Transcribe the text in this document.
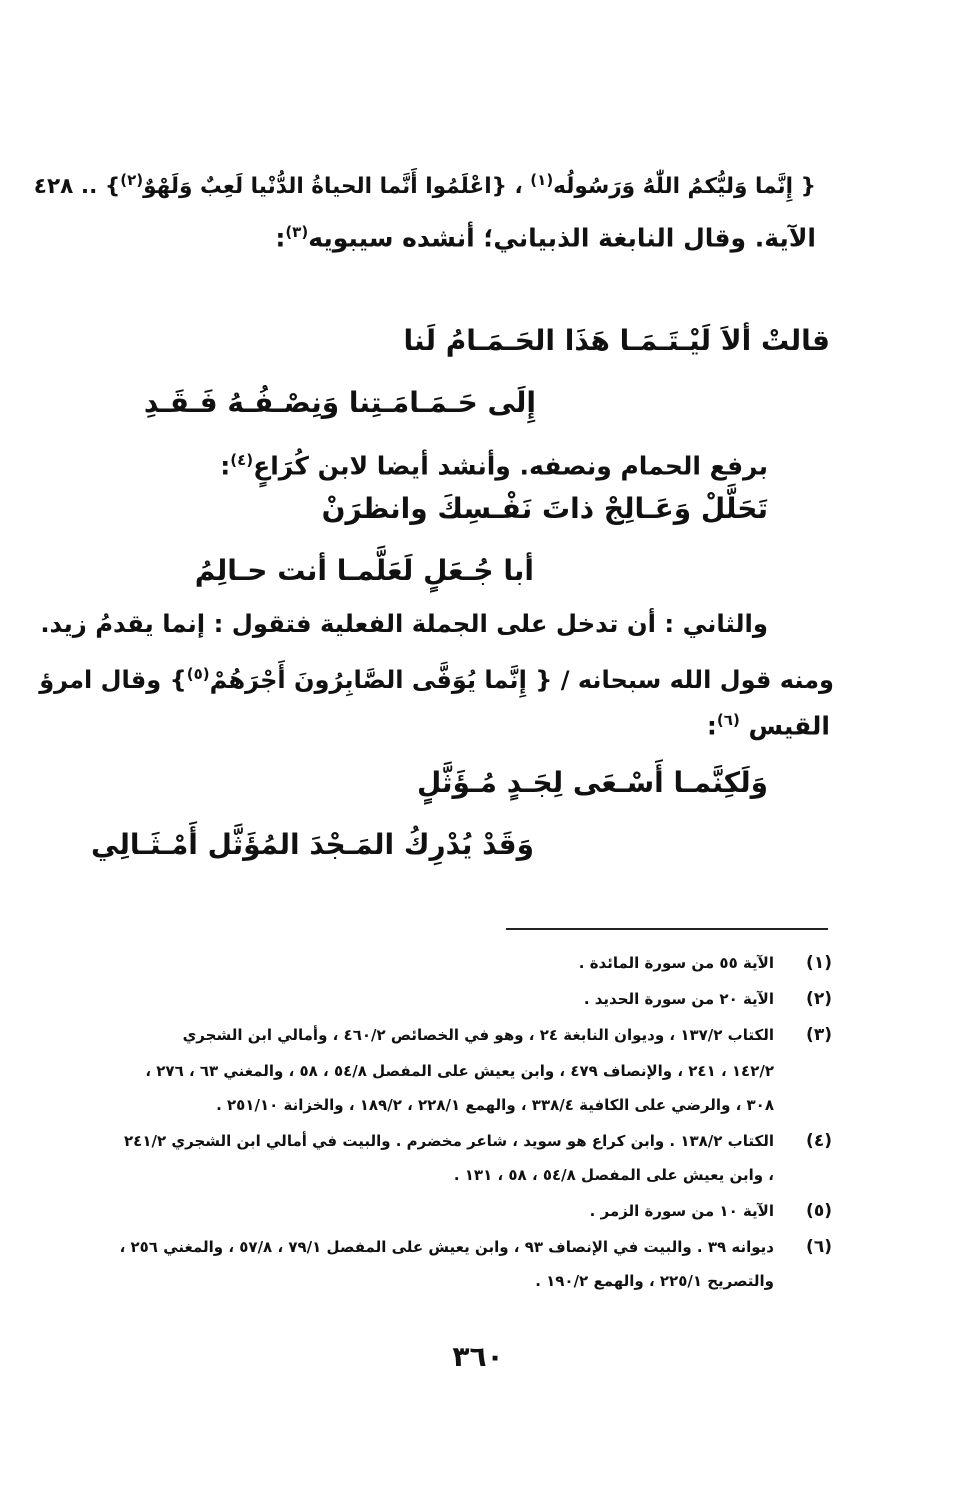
{ إِنَّما وَليُّكمُ اللّٰهُ وَرَسُولُه$^{(١)}$ ، {اعْلَمُوا أَنَّما الحياةُ الدُّنْيا لَعِبٌ وَلَهْوٌ$^{(٢)}$} .. ٤٢٨
الآية. وقال النابغة الذبياني؛ أنشده سيبويه$^{(٣)}$:
قالتْ ألاَ لَيْـتَـمَـا هَذَا الحَـمَـامُ لَنا
إِلَى حَـمَـامَـتِنا وَنِصْـفُـهُ فَـقَـدِ
برفع الحمام ونصفه. وأنشد أيضا لابن كُرَاعٍ$^{(٤)}$:
تَحَلَّلْ وَعَـالِجْ ذاتَ نَفْـسِكَ وانظرَنْ
أبا جُـعَلٍ لَعَلَّمـا أنت حـالِمُ
والثاني : أن تدخل على الجملة الفعلية فتقول : إنما يقدمُ زيد.
ومنه قول الله سبحانه / { إِنَّما يُوَفَّى الصَّابِرُونَ أَجْرَهُمْ$^{(٥)}$} وقال امرؤ
القيس $^{(٦)}$:
وَلَكِنَّمـا أَسْـعَى لِجَـدٍ مُـؤَثَّلٍ
وَقَدْ يُدْرِكُ المَـجْدَ المُؤَثَّل أَمْـثَـالِي
(١)
الآية ٥٥ من سورة المائدة .
(٢)
الآية ٢٠ من سورة الحديد .
(٣)
الكتاب ١٣٧/٢ ، وديوان النابغة ٢٤ ، وهو في الخصائص ٤٦٠/٢ ، وأمالي ابن الشجري
١٤٢/٢ ، ٢٤١ ، والإنصاف ٤٧٩ ، وابن يعيش على المفصل ٥٤/٨ ، ٥٨ ، والمغني ٦٣ ، ٢٧٦ ،
٣٠٨ ، والرضي على الكافية ٣٣٨/٤ ، والهمع ٢٢٨/١ ، ١٨٩/٢ ، والخزانة ٢٥١/١٠ .
(٤)
الكتاب ١٣٨/٢ . وابن كراع هو سويد ، شاعر مخضرم . والبيت في أمالي ابن الشجري ٢٤١/٢
، وابن يعيش على المفصل ٥٤/٨ ، ٥٨ ، ١٣١ .
(٥)
الآية ١٠ من سورة الزمر .
(٦)
ديوانه ٣٩ . والبيت في الإنصاف ٩٣ ، وابن يعيش على المفصل ٧٩/١ ، ٥٧/٨ ، والمغني ٢٥٦ ،
والتصريح ٢٢٥/١ ، والهمع ١٩٠/٢ .
٣٦٠
